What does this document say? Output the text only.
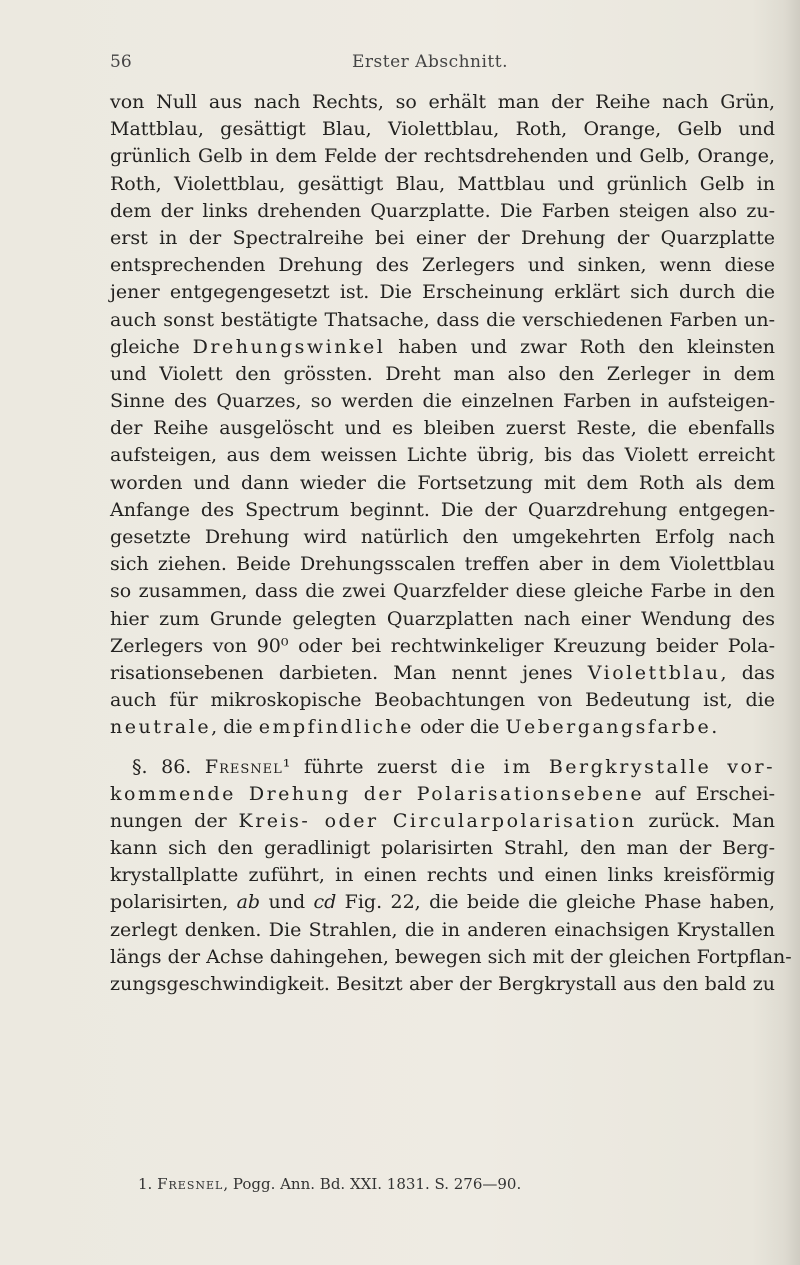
56	Erster Abschnitt.
von Null aus nach Rechts, so erhält man der Reihe nach Grün,
Mattblau, gesättigt Blau, Violettblau, Roth, Orange, Gelb und
grünlich Gelb in dem Felde der rechtsdrehenden und Gelb, Orange,
Roth, Violettblau, gesättigt Blau, Mattblau und grünlich Gelb in
dem der links drehenden Quarzplatte. Die Farben steigen also zu-
erst in der Spectralreihe bei einer der Drehung der Quarzplatte
entsprechenden Drehung des Zerlegers und sinken, wenn diese
jener entgegengesetzt ist. Die Erscheinung erklärt sich durch die
auch sonst bestätigte Thatsache, dass die verschiedenen Farben un-
gleiche Drehungswinkel haben und zwar Roth den kleinsten
und Violett den grössten. Dreht man also den Zerleger in dem
Sinne des Quarzes, so werden die einzelnen Farben in aufsteigen-
der Reihe ausgelöscht und es bleiben zuerst Reste, die ebenfalls
aufsteigen, aus dem weissen Lichte übrig, bis das Violett erreicht
worden und dann wieder die Fortsetzung mit dem Roth als dem
Anfange des Spectrum beginnt. Die der Quarzdrehung entgegen-
gesetzte Drehung wird natürlich den umgekehrten Erfolg nach
sich ziehen. Beide Drehungsscalen treffen aber in dem Violettblau
so zusammen, dass die zwei Quarzfelder diese gleiche Farbe in den
hier zum Grunde gelegten Quarzplatten nach einer Wendung des
Zerlegers von 90⁰ oder bei rechtwinkeliger Kreuzung beider Pola-
risationsebenen darbieten. Man nennt jenes Violettblau, das
auch für mikroskopische Beobachtungen von Bedeutung ist, die
neutrale, die empfindliche oder die Uebergangsfarbe.
§. 86. Fresnel¹ führte zuerst die im Bergkrystalle vor-
kommende Drehung der Polarisationsebene auf Erschei-
nungen der Kreis- oder Circularpolarisation zurück. Man
kann sich den geradlinigt polarisirten Strahl, den man der Berg-
krystallplatte zuführt, in einen rechts und einen links kreisförmig
polarisirten, ab und cd Fig. 22, die beide die gleiche Phase haben,
zerlegt denken. Die Strahlen, die in anderen einachsigen Krystallen
längs der Achse dahingehen, bewegen sich mit der gleichen Fortpflan-
zungsgeschwindigkeit. Besitzt aber der Bergkrystall aus den bald zu
1. Fresnel, Pogg. Ann. Bd. XXI. 1831. S. 276—90.
